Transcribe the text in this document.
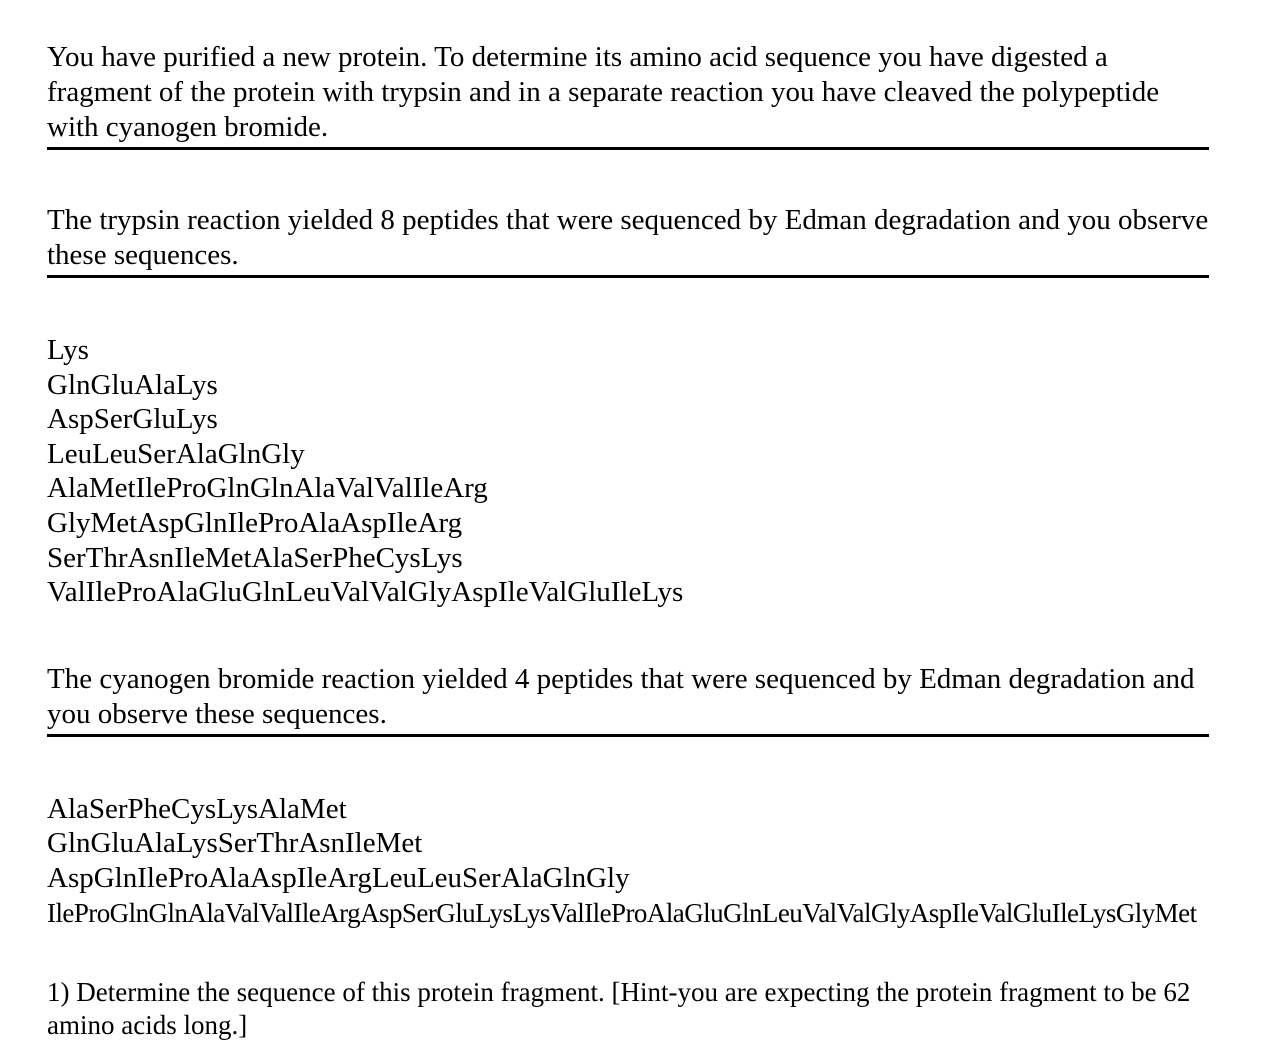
You have purified a new protein. To determine its amino acid sequence you have digested a fragment of the protein with trypsin and in a separate reaction you have cleaved the polypeptide with cyanogen bromide.

The trypsin reaction yielded 8 peptides that were sequenced by Edman degradation and you observe these sequences.

Lys
GlnGluAlaLys
AspSerGluLys
LeuLeuSerAlaGlnGly
AlaMetIleProGlnGlnAlaValValIleArg
GlyMetAspGlnIleProAlaAspIleArg
SerThrAsnIleMetAlaSerPheCysLys
ValIleProAlaGluGlnLeuValValGlyAspIleValGluIleLys

The cyanogen bromide reaction yielded 4 peptides that were sequenced by Edman degradation and you observe these sequences.

AlaSerPheCysLysAlaMet
GlnGluAlaLysSerThrAsnIleMet
AspGlnIleProAlaAspIleArgLeuLeuSerAlaGlnGly
IleProGlnGlnAlaValValIleArgAspSerGluLysLysValIleProAlaGluGlnLeuValValGlyAspIleValGluIleLysGlyMet

1) Determine the sequence of this protein fragment. [Hint-you are expecting the protein fragment to be 62 amino acids long.]
